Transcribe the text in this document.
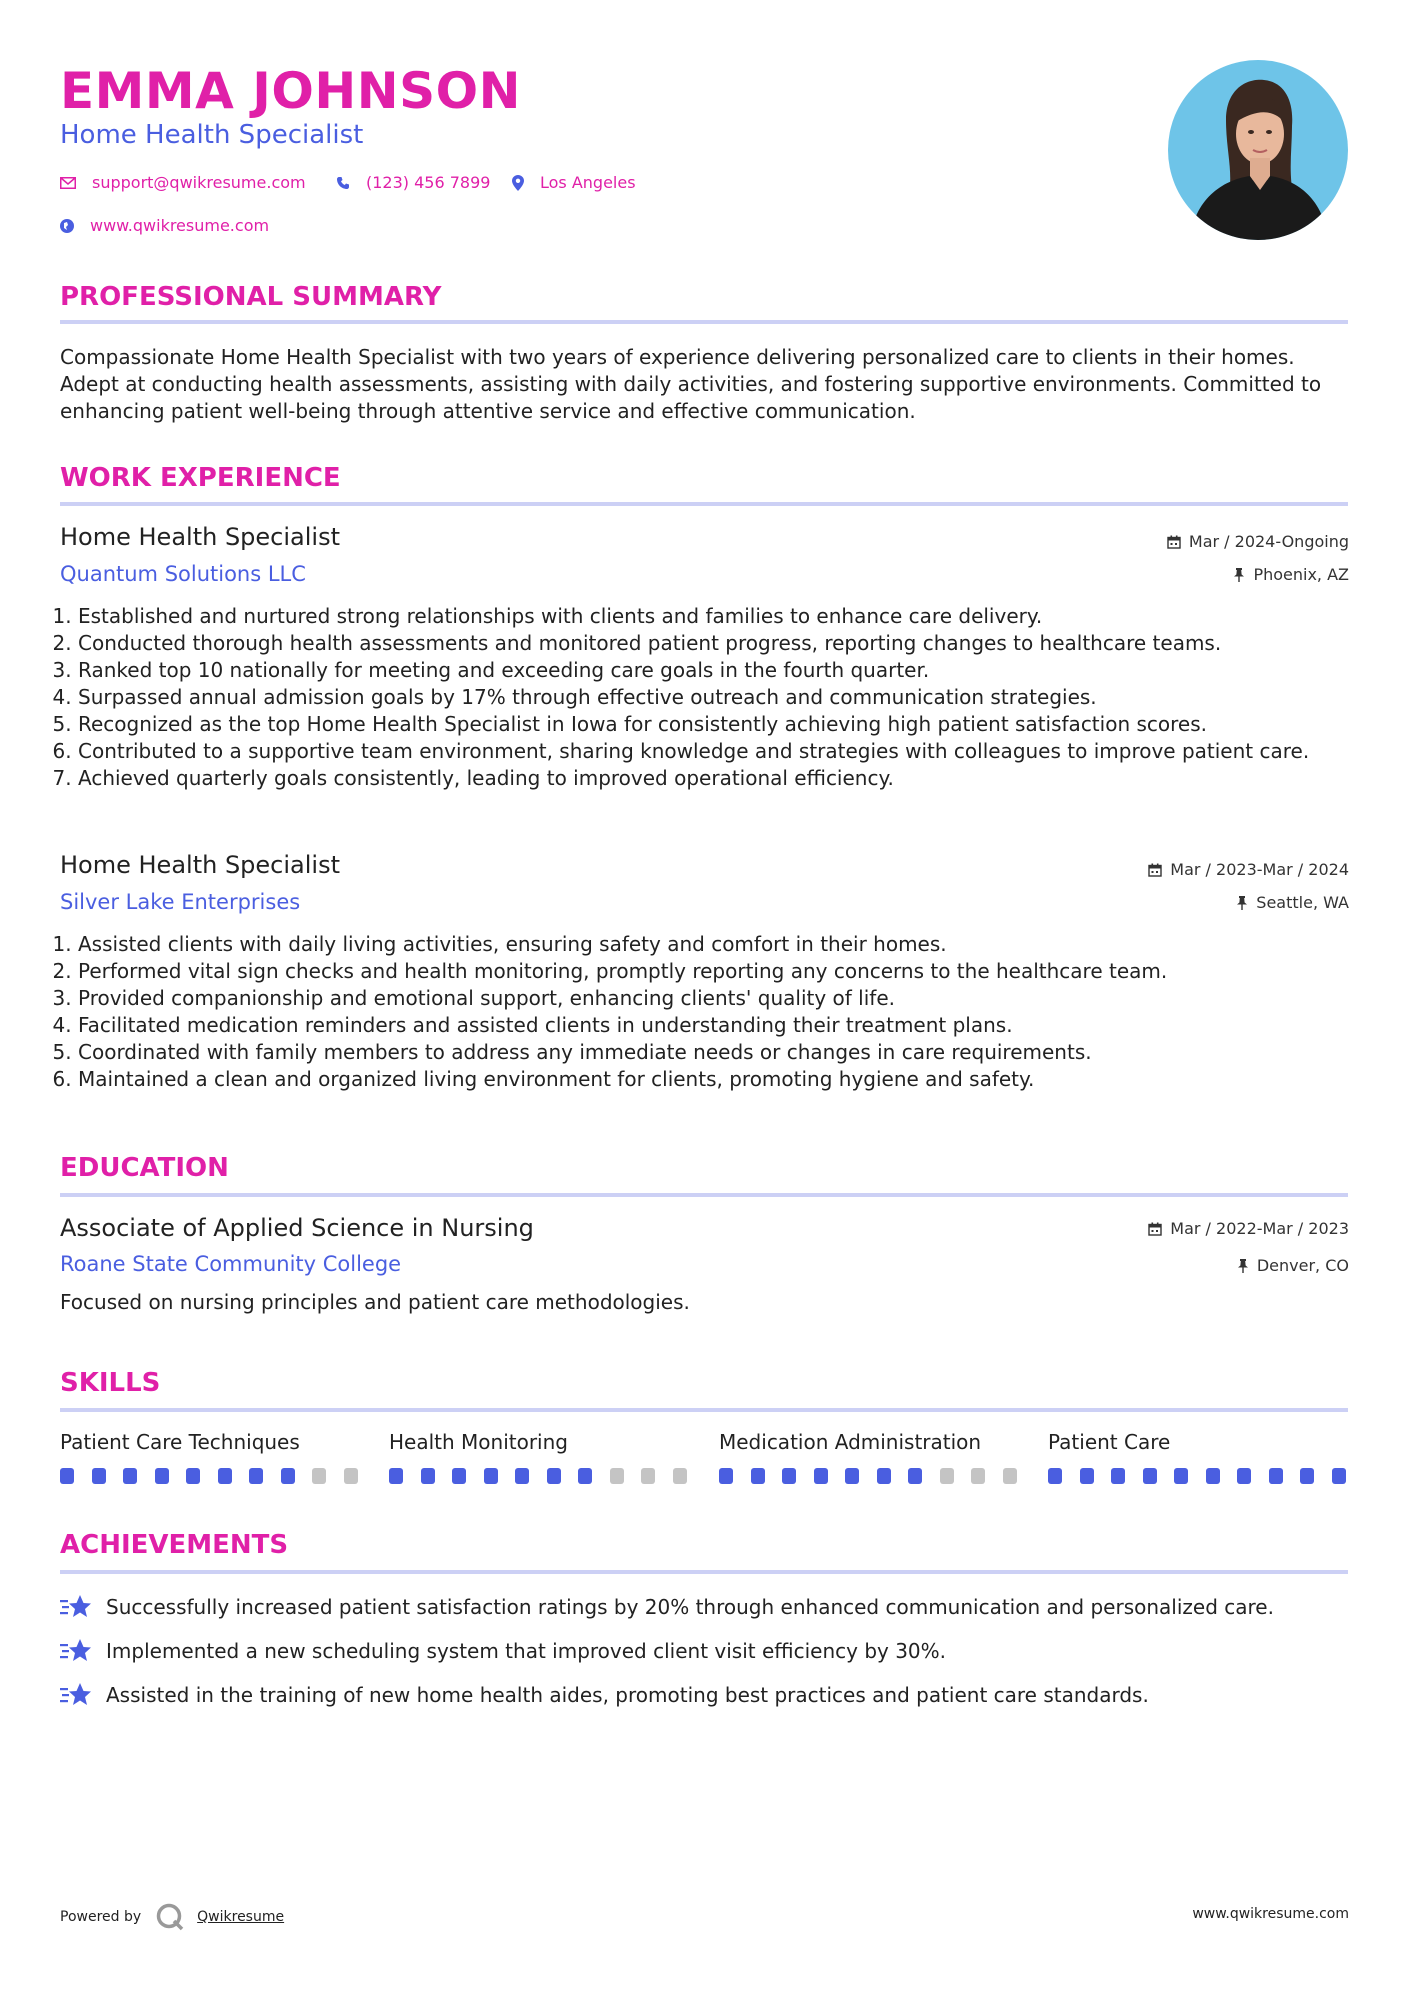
EMMA JOHNSON
Home Health Specialist
support@qwikresume.com	(123) 456 7899	Los Angeles
www.qwikresume.com
PROFESSIONAL SUMMARY
Compassionate Home Health Specialist with two years of experience delivering personalized care to clients in their homes. Adept at conducting health assessments, assisting with daily activities, and fostering supportive environments. Committed to enhancing patient well-being through attentive service and effective communication.
WORK EXPERIENCE
Home Health Specialist	Mar / 2024-Ongoing
Quantum Solutions LLC	Phoenix, AZ
1. Established and nurtured strong relationships with clients and families to enhance care delivery.
2. Conducted thorough health assessments and monitored patient progress, reporting changes to healthcare teams.
3. Ranked top 10 nationally for meeting and exceeding care goals in the fourth quarter.
4. Surpassed annual admission goals by 17% through effective outreach and communication strategies.
5. Recognized as the top Home Health Specialist in Iowa for consistently achieving high patient satisfaction scores.
6. Contributed to a supportive team environment, sharing knowledge and strategies with colleagues to improve patient care.
7. Achieved quarterly goals consistently, leading to improved operational efficiency.
Home Health Specialist	Mar / 2023-Mar / 2024
Silver Lake Enterprises	Seattle, WA
1. Assisted clients with daily living activities, ensuring safety and comfort in their homes.
2. Performed vital sign checks and health monitoring, promptly reporting any concerns to the healthcare team.
3. Provided companionship and emotional support, enhancing clients' quality of life.
4. Facilitated medication reminders and assisted clients in understanding their treatment plans.
5. Coordinated with family members to address any immediate needs or changes in care requirements.
6. Maintained a clean and organized living environment for clients, promoting hygiene and safety.
EDUCATION
Associate of Applied Science in Nursing	Mar / 2022-Mar / 2023
Roane State Community College	Denver, CO
Focused on nursing principles and patient care methodologies.
SKILLS
Patient Care Techniques	Health Monitoring	Medication Administration	Patient Care
ACHIEVEMENTS
Successfully increased patient satisfaction ratings by 20% through enhanced communication and personalized care.
Implemented a new scheduling system that improved client visit efficiency by 30%.
Assisted in the training of new home health aides, promoting best practices and patient care standards.
Powered by	Qwikresume	www.qwikresume.com
